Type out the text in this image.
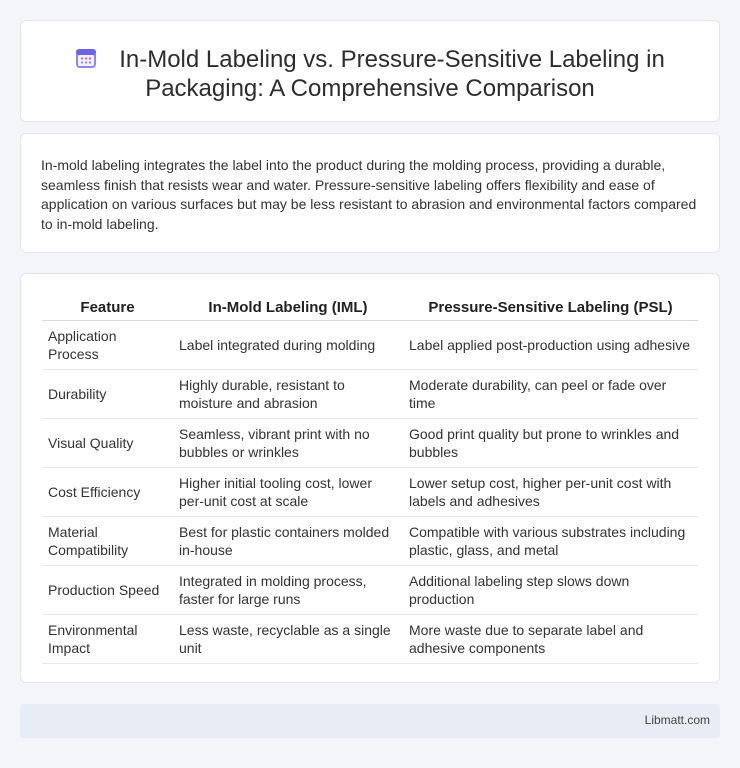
In-Mold Labeling vs. Pressure-Sensitive Labeling in Packaging: A Comprehensive Comparison

In-mold labeling integrates the label into the product during the molding process, providing a durable, seamless finish that resists wear and water. Pressure-sensitive labeling offers flexibility and ease of application on various surfaces but may be less resistant to abrasion and environmental factors compared to in-mold labeling.

Feature	In-Mold Labeling (IML)	Pressure-Sensitive Labeling (PSL)
Application Process	Label integrated during molding	Label applied post-production using adhesive
Durability	Highly durable, resistant to moisture and abrasion	Moderate durability, can peel or fade over time
Visual Quality	Seamless, vibrant print with no bubbles or wrinkles	Good print quality but prone to wrinkles and bubbles
Cost Efficiency	Higher initial tooling cost, lower per-unit cost at scale	Lower setup cost, higher per-unit cost with labels and adhesives
Material Compatibility	Best for plastic containers molded in-house	Compatible with various substrates including plastic, glass, and metal
Production Speed	Integrated in molding process, faster for large runs	Additional labeling step slows down production
Environmental Impact	Less waste, recyclable as a single unit	More waste due to separate label and adhesive components
Libmatt.com
